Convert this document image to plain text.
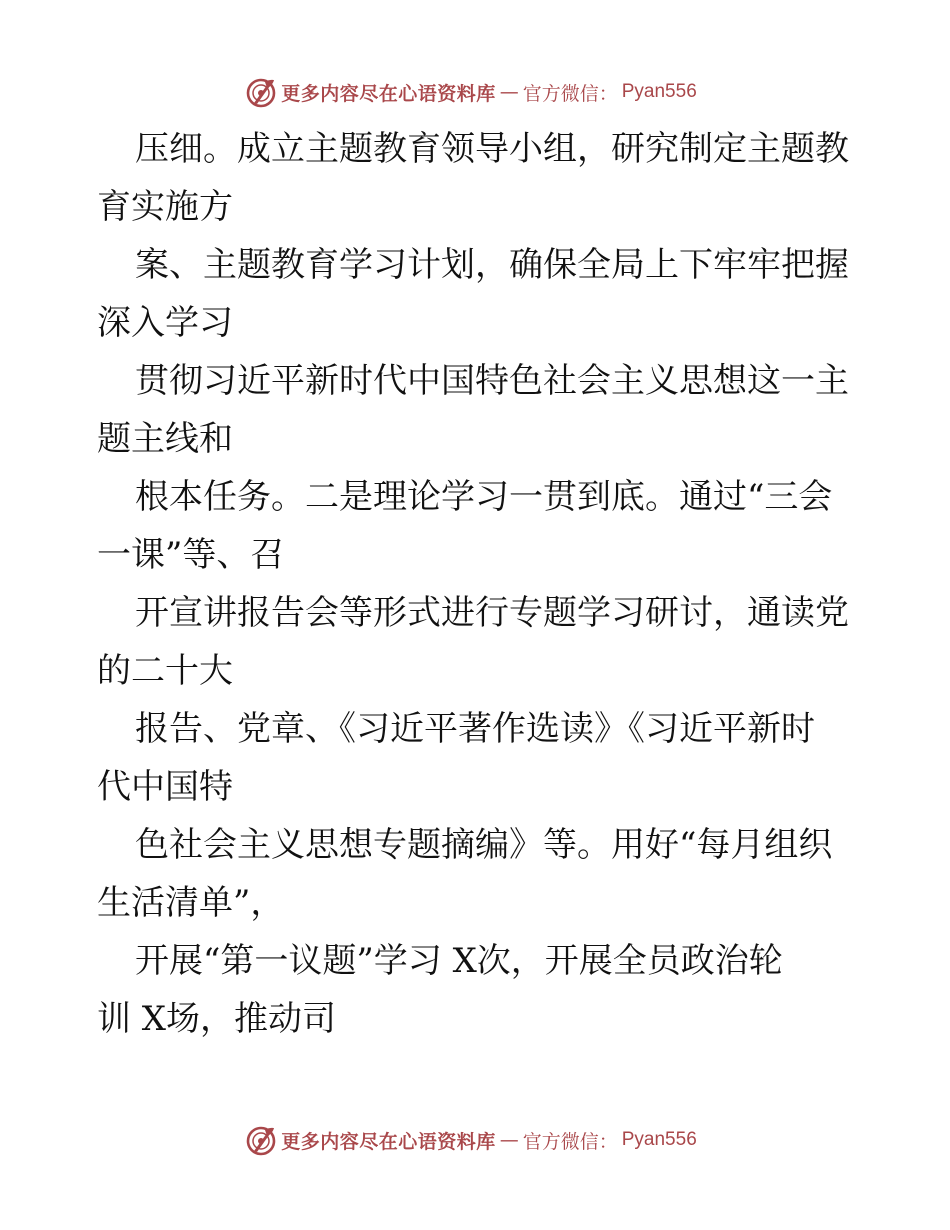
更多内容尽在心语资料库 — 官方微信： Pyan556
压细。成立主题教育领导小组，研究制定主题教
育实施方
案、主题教育学习计划，确保全局上下牢牢把握
深入学习
贯彻习近平新时代中国特色社会主义思想这一主
题主线和
根本任务。二是理论学习一贯到底。通过“三会
一课”等、召
开宣讲报告会等形式进行专题学习研讨，通读党
的二十大
报告、党章、《习近平著作选读》《习近平新时
代中国特
色社会主义思想专题摘编》等。用好“每月组织
生活清单”，
开展“第一议题”学习 X次，开展全员政治轮
训 X场，推动司
更多内容尽在心语资料库 — 官方微信： Pyan556
